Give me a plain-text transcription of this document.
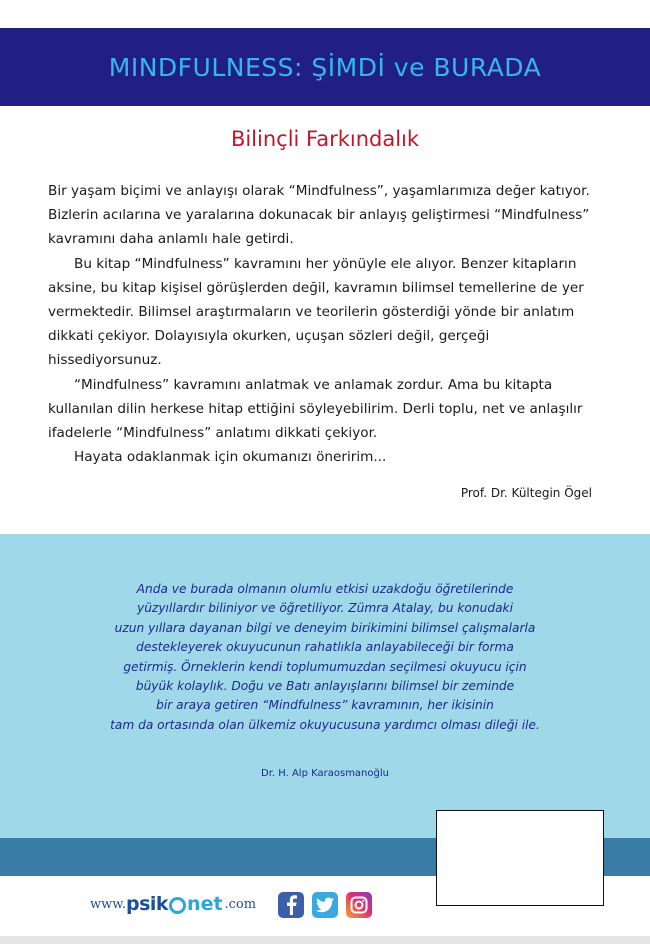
MINDFULNESS: ŞİMDİ ve BURADA
Bilinçli Farkındalık

Bir yaşam biçimi ve anlayışı olarak “Mindfulness”, yaşamlarımıza değer katıyor. Bizlerin acılarına ve yaralarına dokunacak bir anlayış geliştirmesi “Mindfulness” kavramını daha anlamlı hale getirdi.

Bu kitap “Mindfulness” kavramını her yönüyle ele alıyor. Benzer kitapların aksine, bu kitap kişisel görüşlerden değil, kavramın bilimsel temellerine de yer vermektedir. Bilimsel araştırmaların ve teorilerin gösterdiği yönde bir anlatım dikkati çekiyor. Dolayısıyla okurken, uçuşan sözleri değil, gerçeği hissediyorsunuz.

“Mindfulness” kavramını anlatmak ve anlamak zordur. Ama bu kitapta kullanılan dilin herkese hitap ettiğini söyleyebilirim. Derli toplu, net ve anlaşılır ifadelerle “Mindfulness” anlatımı dikkati çekiyor.

Hayata odaklanmak için okumanızı öneririm...

Prof. Dr. Kültegin Ögel

Anda ve burada olmanın olumlu etkisi uzakdoğu öğretilerinde

yüzyıllardır biliniyor ve öğretiliyor. Zümra Atalay, bu konudaki

uzun yıllara dayanan bilgi ve deneyim birikimini bilimsel çalışmalarla

destekleyerek okuyucunun rahatlıkla anlayabileceği bir forma

getirmiş. Örneklerin kendi toplumumuzdan seçilmesi okuyucu için

büyük kolaylık. Doğu ve Batı anlayışlarını bilimsel bir zeminde

bir araya getiren “Mindfulness” kavramının, her ikisinin

tam da ortasında olan ülkemiz okuyucusuna yardımcı olması dileği ile.

Dr. H. Alp Karaosmanoğlu
www. psik net .com
